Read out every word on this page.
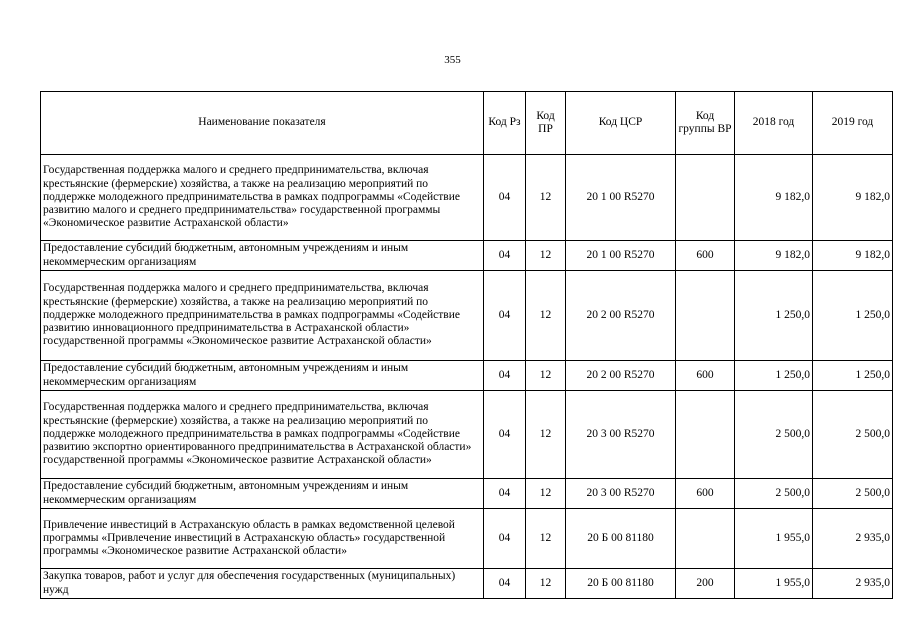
355
Наименование показателя	Код Рз	Код ПР	Код ЦСР	Код группы ВР	2018 год	2019 год
Государственная поддержка малого и среднего предпринимательства, включая крестьянские (фермерские) хозяйства, а также на реализацию мероприятий по поддержке молодежного предпринимательства в рамках подпрограммы «Содействие развитию малого и среднего предпринимательства» государственной программы «Экономическое развитие Астраханской области»	04	12	20 1 00 R5270		9 182,0	9 182,0
Предоставление субсидий бюджетным, автономным учреждениям и иным некоммерческим организациям	04	12	20 1 00 R5270	600	9 182,0	9 182,0
Государственная поддержка малого и среднего предпринимательства, включая крестьянские (фермерские) хозяйства, а также на реализацию мероприятий по поддержке молодежного предпринимательства в рамках подпрограммы «Содействие развитию инновационного предпринимательства в Астраханской области» государственной программы «Экономическое развитие Астраханской области»	04	12	20 2 00 R5270		1 250,0	1 250,0
Предоставление субсидий бюджетным, автономным учреждениям и иным некоммерческим организациям	04	12	20 2 00 R5270	600	1 250,0	1 250,0
Государственная поддержка малого и среднего предпринимательства, включая крестьянские (фермерские) хозяйства, а также на реализацию мероприятий по поддержке молодежного предпринимательства в рамках подпрограммы «Содействие развитию экспортно ориентированного предпринимательства в Астраханской области» государственной программы «Экономическое развитие Астраханской области»	04	12	20 3 00 R5270		2 500,0	2 500,0
Предоставление субсидий бюджетным, автономным учреждениям и иным некоммерческим организациям	04	12	20 3 00 R5270	600	2 500,0	2 500,0
Привлечение инвестиций в Астраханскую область в рамках ведомственной целевой программы «Привлечение инвестиций в Астраханскую область» государственной программы «Экономическое развитие Астраханской области»	04	12	20 Б 00 81180		1 955,0	2 935,0
Закупка товаров, работ и услуг для обеспечения государственных (муниципальных) нужд	04	12	20 Б 00 81180	200	1 955,0	2 935,0
